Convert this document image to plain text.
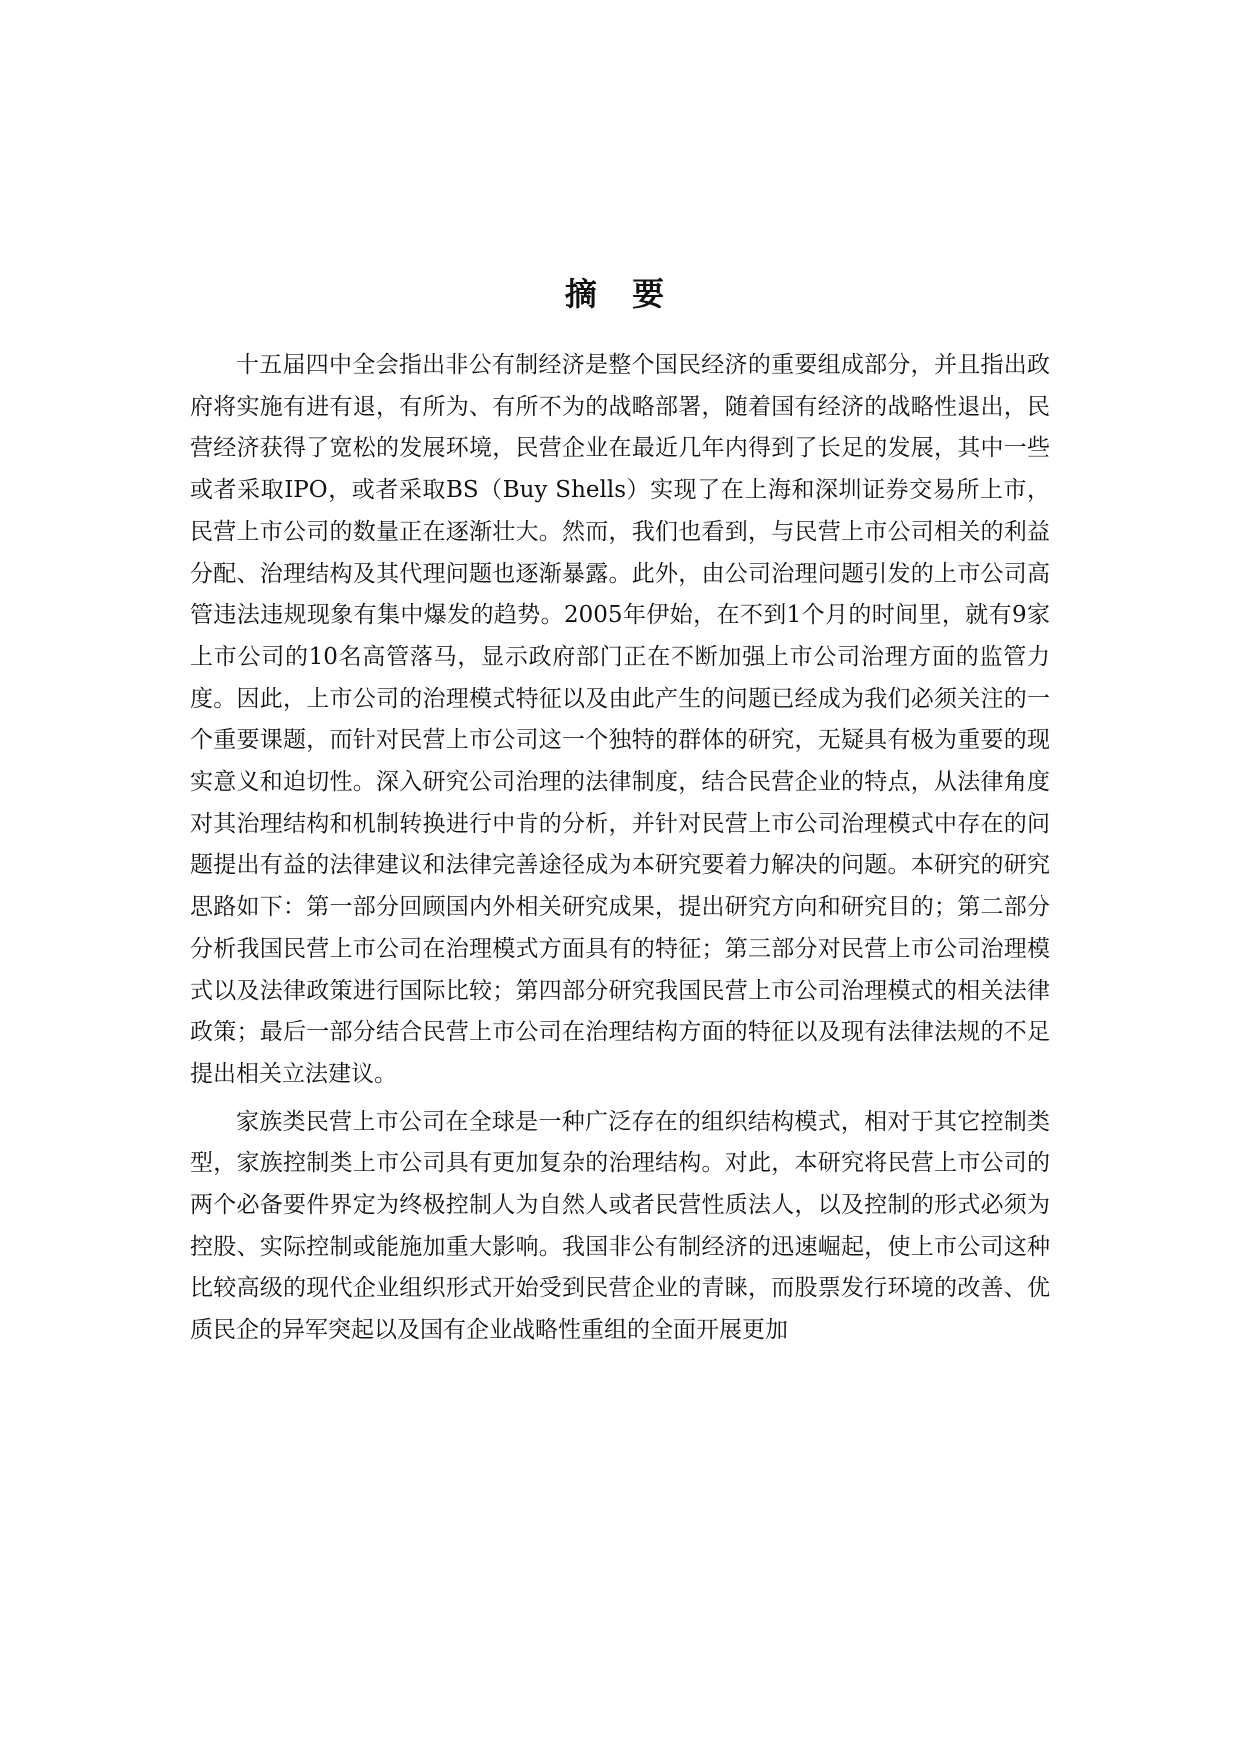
摘 要

十五届四中全会指出非公有制经济是整个国民经济的重要组成部分，并且指出政府将实施有进有退，有所为、有所不为的战略部署，随着国有经济的战略性退出，民营经济获得了宽松的发展环境，民营企业在最近几年内得到了长足的发展，其中一些或者采取IPO，或者采取BS（Buy Shells）实现了在上海和深圳证券交易所上市，民营上市公司的数量正在逐渐壮大。然而，我们也看到，与民营上市公司相关的利益分配、治理结构及其代理问题也逐渐暴露。此外，由公司治理问题引发的上市公司高管违法违规现象有集中爆发的趋势。2005年伊始，在不到1个月的时间里，就有9家上市公司的10名高管落马，显示政府部门正在不断加强上市公司治理方面的监管力度。因此，上市公司的治理模式特征以及由此产生的问题已经成为我们必须关注的一个重要课题，而针对民营上市公司这一个独特的群体的研究，无疑具有极为重要的现实意义和迫切性。深入研究公司治理的法律制度，结合民营企业的特点，从法律角度对其治理结构和机制转换进行中肯的分析，并针对民营上市公司治理模式中存在的问题提出有益的法律建议和法律完善途径成为本研究要着力解决的问题。本研究的研究思路如下：第一部分回顾国内外相关研究成果，提出研究方向和研究目的；第二部分分析我国民营上市公司在治理模式方面具有的特征；第三部分对民营上市公司治理模式以及法律政策进行国际比较；第四部分研究我国民营上市公司治理模式的相关法律政策；最后一部分结合民营上市公司在治理结构方面的特征以及现有法律法规的不足提出相关立法建议。

家族类民营上市公司在全球是一种广泛存在的组织结构模式，相对于其它控制类型，家族控制类上市公司具有更加复杂的治理结构。对此，本研究将民营上市公司的两个必备要件界定为终极控制人为自然人或者民营性质法人，以及控制的形式必须为控股、实际控制或能施加重大影响。我国非公有制经济的迅速崛起，使上市公司这种比较高级的现代企业组织形式开始受到民营企业的青睐，而股票发行环境的改善、优质民企的异军突起以及国有企业战略性重组的全面开展更加
